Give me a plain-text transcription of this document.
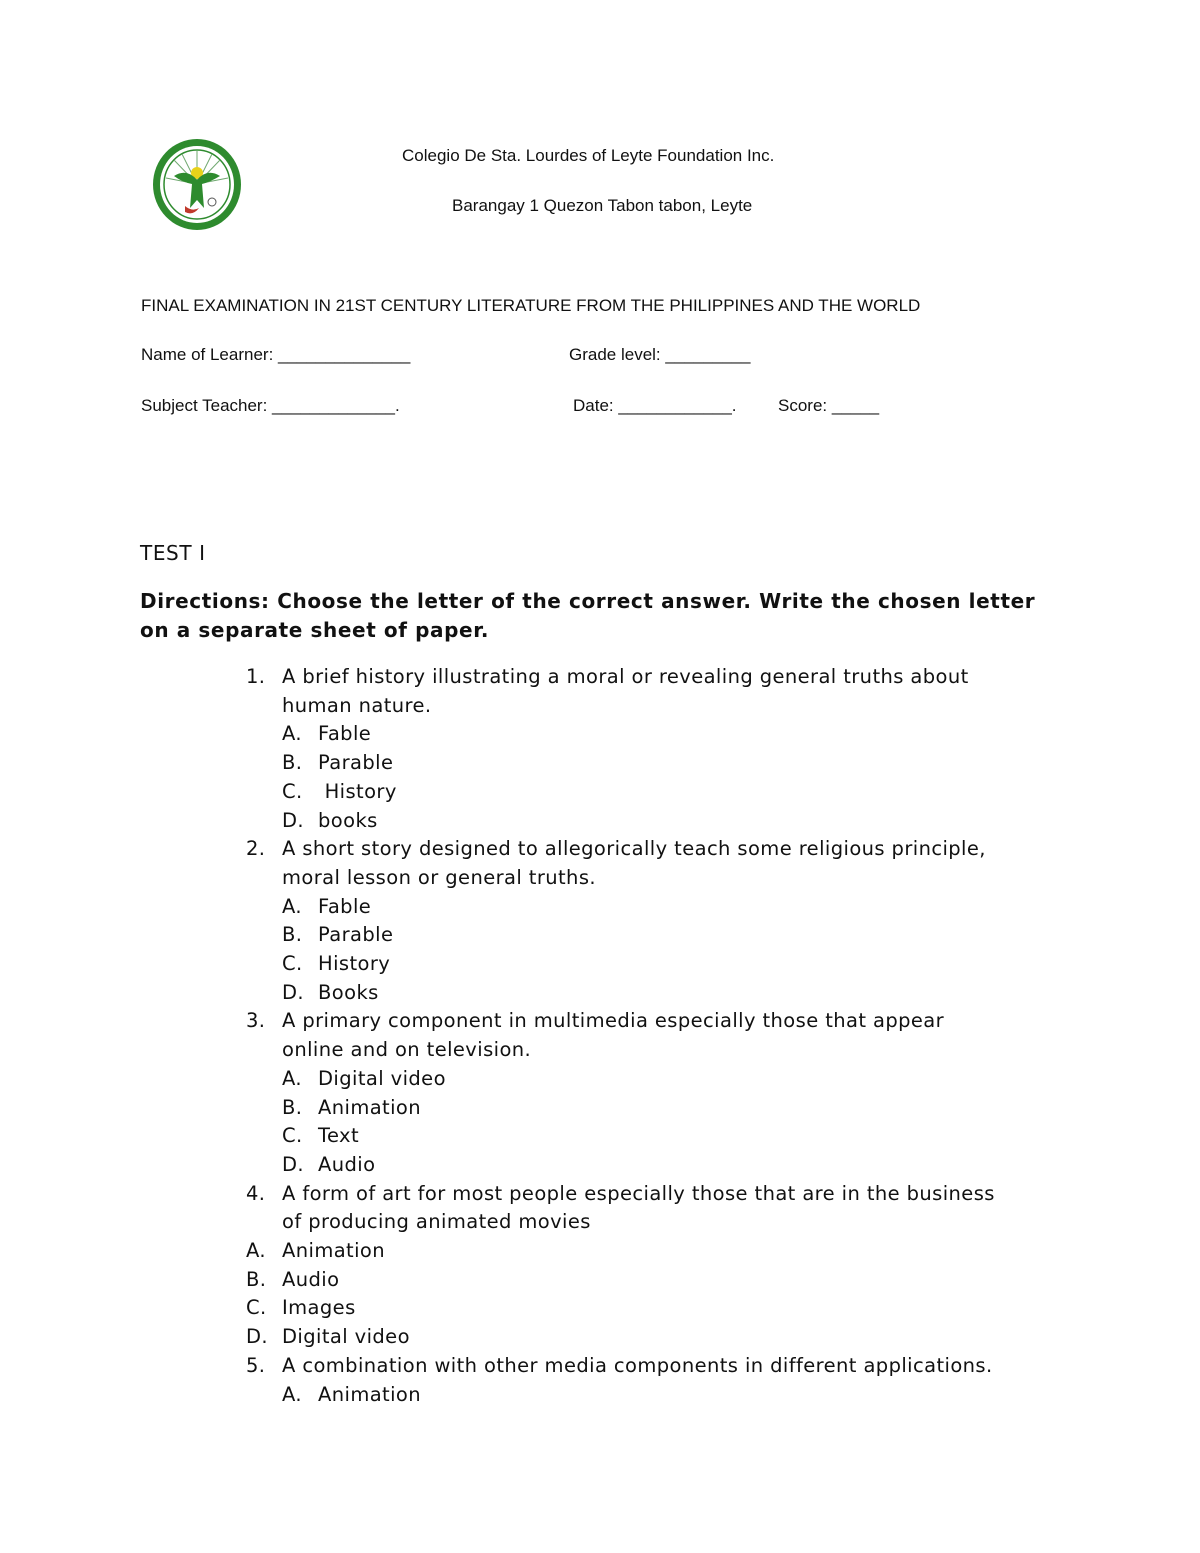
Colegio De Sta. Lourdes of Leyte Foundation Inc.
Barangay 1 Quezon Tabon tabon, Leyte
FINAL EXAMINATION IN 21ST CENTURY LITERATURE FROM THE PHILIPPINES AND THE WORLD
Name of Learner: ______________	Grade level: _________
Subject Teacher: _____________.	Date: ____________. Score: _____
TEST I
Directions: Choose the letter of the correct answer. Write the chosen letter
on a separate sheet of paper.
1. A brief history illustrating a moral or revealing general truths about
human nature.
A. Fable
B. Parable
C. History
D. books
2. A short story designed to allegorically teach some religious principle,
moral lesson or general truths.
A. Fable
B. Parable
C. History
D. Books
3. A primary component in multimedia especially those that appear
online and on television.
A. Digital video
B. Animation
C. Text
D. Audio
4. A form of art for most people especially those that are in the business
of producing animated movies
A. Animation
B. Audio
C. Images
D. Digital video
5. A combination with other media components in different applications.
A. Animation
